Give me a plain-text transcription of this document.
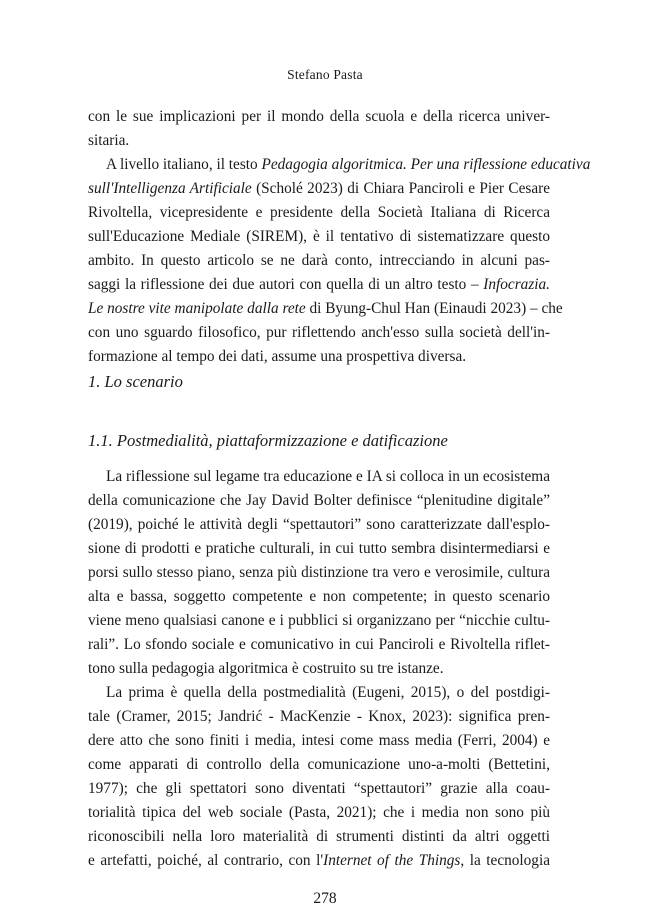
Stefano Pasta
con le sue implicazioni per il mondo della scuola e della ricerca univer-
sitaria.
A livello italiano, il testo Pedagogia algoritmica. Per una riflessione educativa
sull'Intelligenza Artificiale (Scholé 2023) di Chiara Panciroli e Pier Cesare
Rivoltella, vicepresidente e presidente della Società Italiana di Ricerca
sull'Educazione Mediale (SIREM), è il tentativo di sistematizzare questo
ambito. In questo articolo se ne darà conto, intrecciando in alcuni pas-
saggi la riflessione dei due autori con quella di un altro testo – Infocrazia.
Le nostre vite manipolate dalla rete di Byung-Chul Han (Einaudi 2023) – che
con uno sguardo filosofico, pur riflettendo anch'esso sulla società dell'in-
formazione al tempo dei dati, assume una prospettiva diversa.
1. Lo scenario
1.1. Postmedialità, piattaformizzazione e datificazione
La riflessione sul legame tra educazione e IA si colloca in un ecosistema
della comunicazione che Jay David Bolter definisce “plenitudine digitale”
(2019), poiché le attività degli “spettautori” sono caratterizzate dall'esplo-
sione di prodotti e pratiche culturali, in cui tutto sembra disintermediarsi e
porsi sullo stesso piano, senza più distinzione tra vero e verosimile, cultura
alta e bassa, soggetto competente e non competente; in questo scenario
viene meno qualsiasi canone e i pubblici si organizzano per “nicchie cultu-
rali”. Lo sfondo sociale e comunicativo in cui Panciroli e Rivoltella riflet-
tono sulla pedagogia algoritmica è costruito su tre istanze.
La prima è quella della postmedialità (Eugeni, 2015), o del postdigi-
tale (Cramer, 2015; Jandrić - MacKenzie - Knox, 2023): significa pren-
dere atto che sono finiti i media, intesi come mass media (Ferri, 2004) e
come apparati di controllo della comunicazione uno-a-molti (Bettetini,
1977); che gli spettatori sono diventati “spettautori” grazie alla coau-
torialità tipica del web sociale (Pasta, 2021); che i media non sono più
riconoscibili nella loro materialità di strumenti distinti da altri oggetti
e artefatti, poiché, al contrario, con l'Internet of the Things, la tecnologia
278
